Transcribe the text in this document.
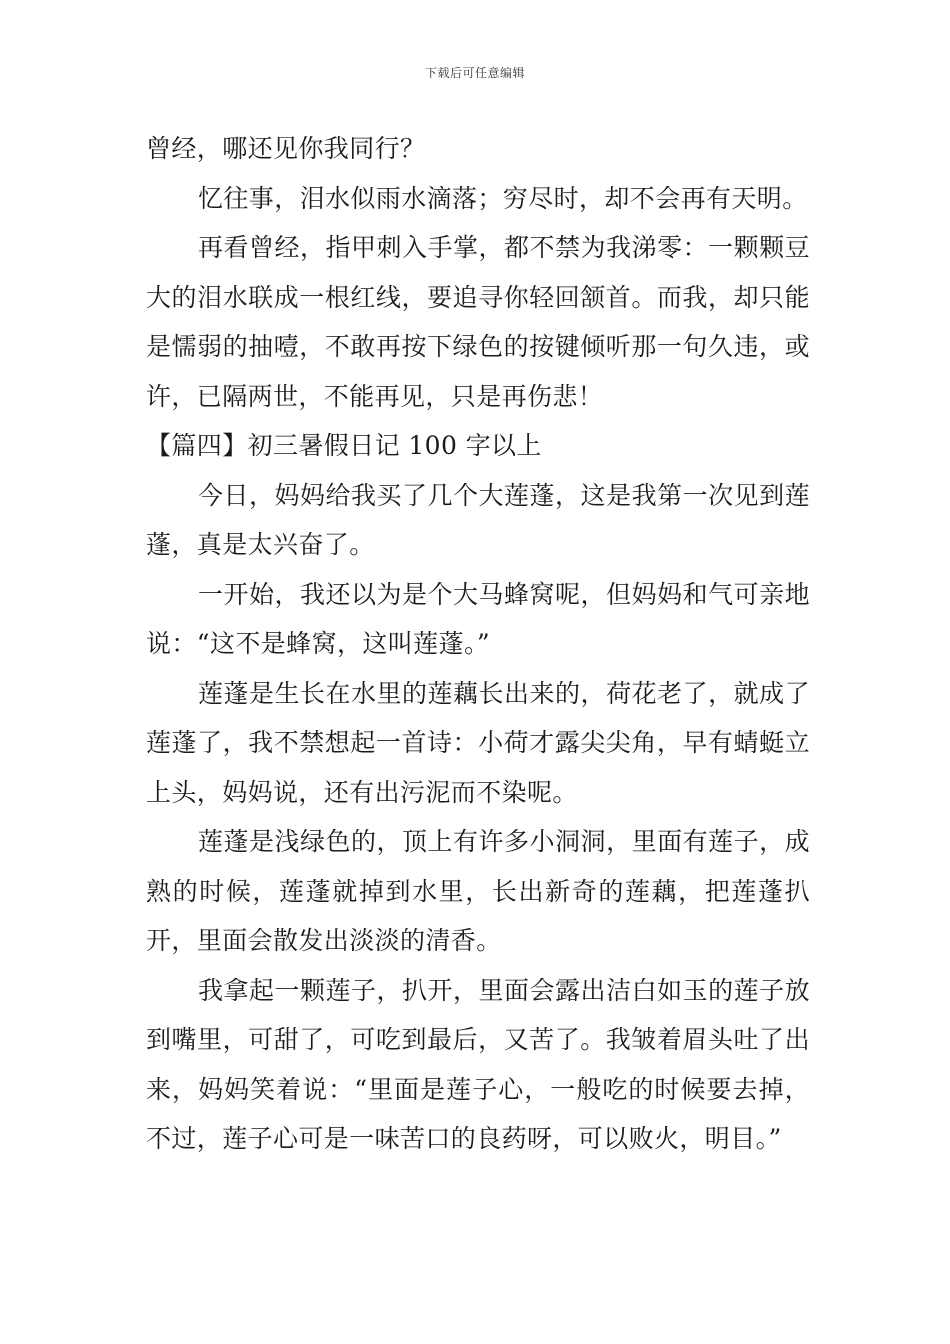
下载后可任意编辑

曾经，哪还见你我同行？

忆往事，泪水似雨水滴落；穷尽时，却不会再有天明。

再看曾经，指甲刺入手掌，都不禁为我涕零：一颗颗豆大的泪水联成一根红线，要追寻你轻回颔首。而我，却只能是懦弱的抽噎，不敢再按下绿色的按键倾听那一句久违，或许，已隔两世，不能再见，只是再伤悲！

【篇四】初三暑假日记 100 字以上

今日，妈妈给我买了几个大莲蓬，这是我第一次见到莲蓬，真是太兴奋了。

一开始，我还以为是个大马蜂窝呢，但妈妈和气可亲地说：“这不是蜂窝，这叫莲蓬。”

莲蓬是生长在水里的莲藕长出来的，荷花老了，就成了莲蓬了，我不禁想起一首诗：小荷才露尖尖角，早有蜻蜓立上头，妈妈说，还有出污泥而不染呢。

莲蓬是浅绿色的，顶上有许多小洞洞，里面有莲子，成熟的时候，莲蓬就掉到水里，长出新奇的莲藕，把莲蓬扒开，里面会散发出淡淡的清香。

我拿起一颗莲子，扒开，里面会露出洁白如玉的莲子放到嘴里，可甜了，可吃到最后，又苦了。我皱着眉头吐了出来，妈妈笑着说：“里面是莲子心，一般吃的时候要去掉，不过，莲子心可是一味苦口的良药呀，可以败火，明目。”
